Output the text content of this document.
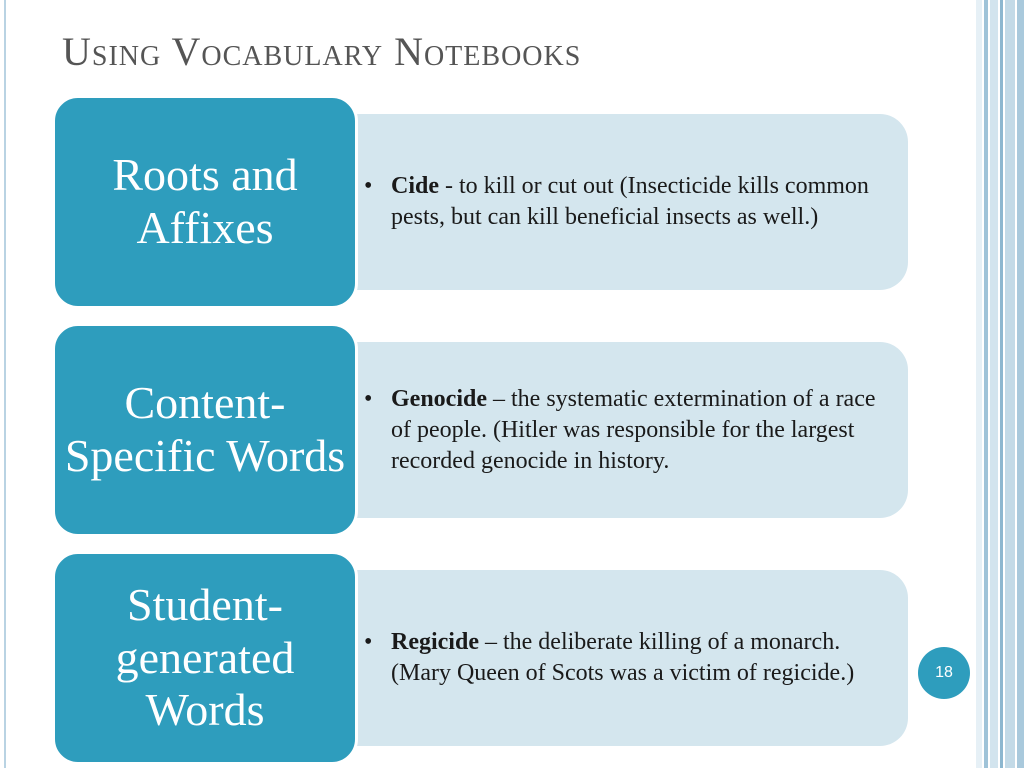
Using Vocabulary Notebooks
Roots and Affixes
• Cide - to kill or cut out (Insecticide kills common pests, but can kill beneficial insects as well.)
Content-Specific Words
• Genocide – the systematic extermination of a race of people. (Hitler was responsible for the largest recorded genocide in history.
Student-generated Words
• Regicide – the deliberate killing of a monarch. (Mary Queen of Scots was a victim of regicide.)	18
